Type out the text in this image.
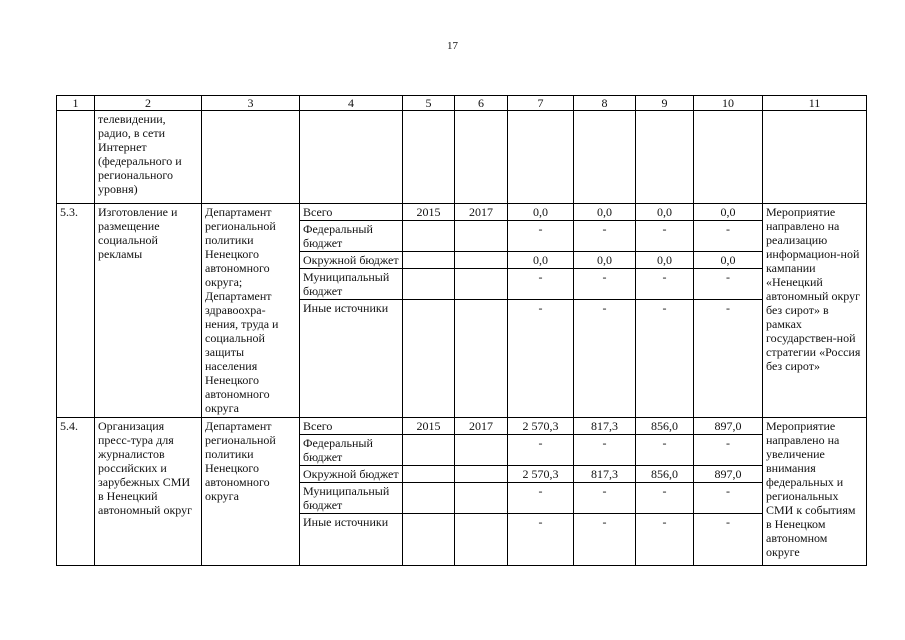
17
1	2	3	4	5	6	7	8	9	10	11
	телевидении, радио, в сети Интернет (федерального и регионального уровня)									
5.3.	Изготовление и размещение социальной рекламы	Департамент региональной политики Ненецкого автономного округа; Департамент здравоохра-нения, труда и социальной защиты населения Ненецкого автономного округа	Всего	2015	2017	0,0	0,0	0,0	0,0	Мероприятие направлено на реализацию информацион-ной кампании «Ненецкий автономный округ без сирот» в рамках государствен-ной стратегии «Россия без сирот»
			Федеральный бюджет			-	-	-	-	
			Окружной бюджет			0,0	0,0	0,0	0,0	
			Муниципальный бюджет			-	-	-	-	
			Иные источники			-	-	-	-	
5.4.	Организация пресс-тура для журналистов российских и зарубежных СМИ в Ненецкий автономный округ	Департамент региональной политики Ненецкого автономного округа	Всего	2015	2017	2 570,3	817,3	856,0	897,0	Мероприятие направлено на увеличение внимания федеральных и региональных СМИ к событиям в Ненецком автономном округе
			Федеральный бюджет			-	-	-	-	
			Окружной бюджет			2 570,3	817,3	856,0	897,0	
			Муниципальный бюджет			-	-	-	-	
			Иные источники			-	-	-	-	
